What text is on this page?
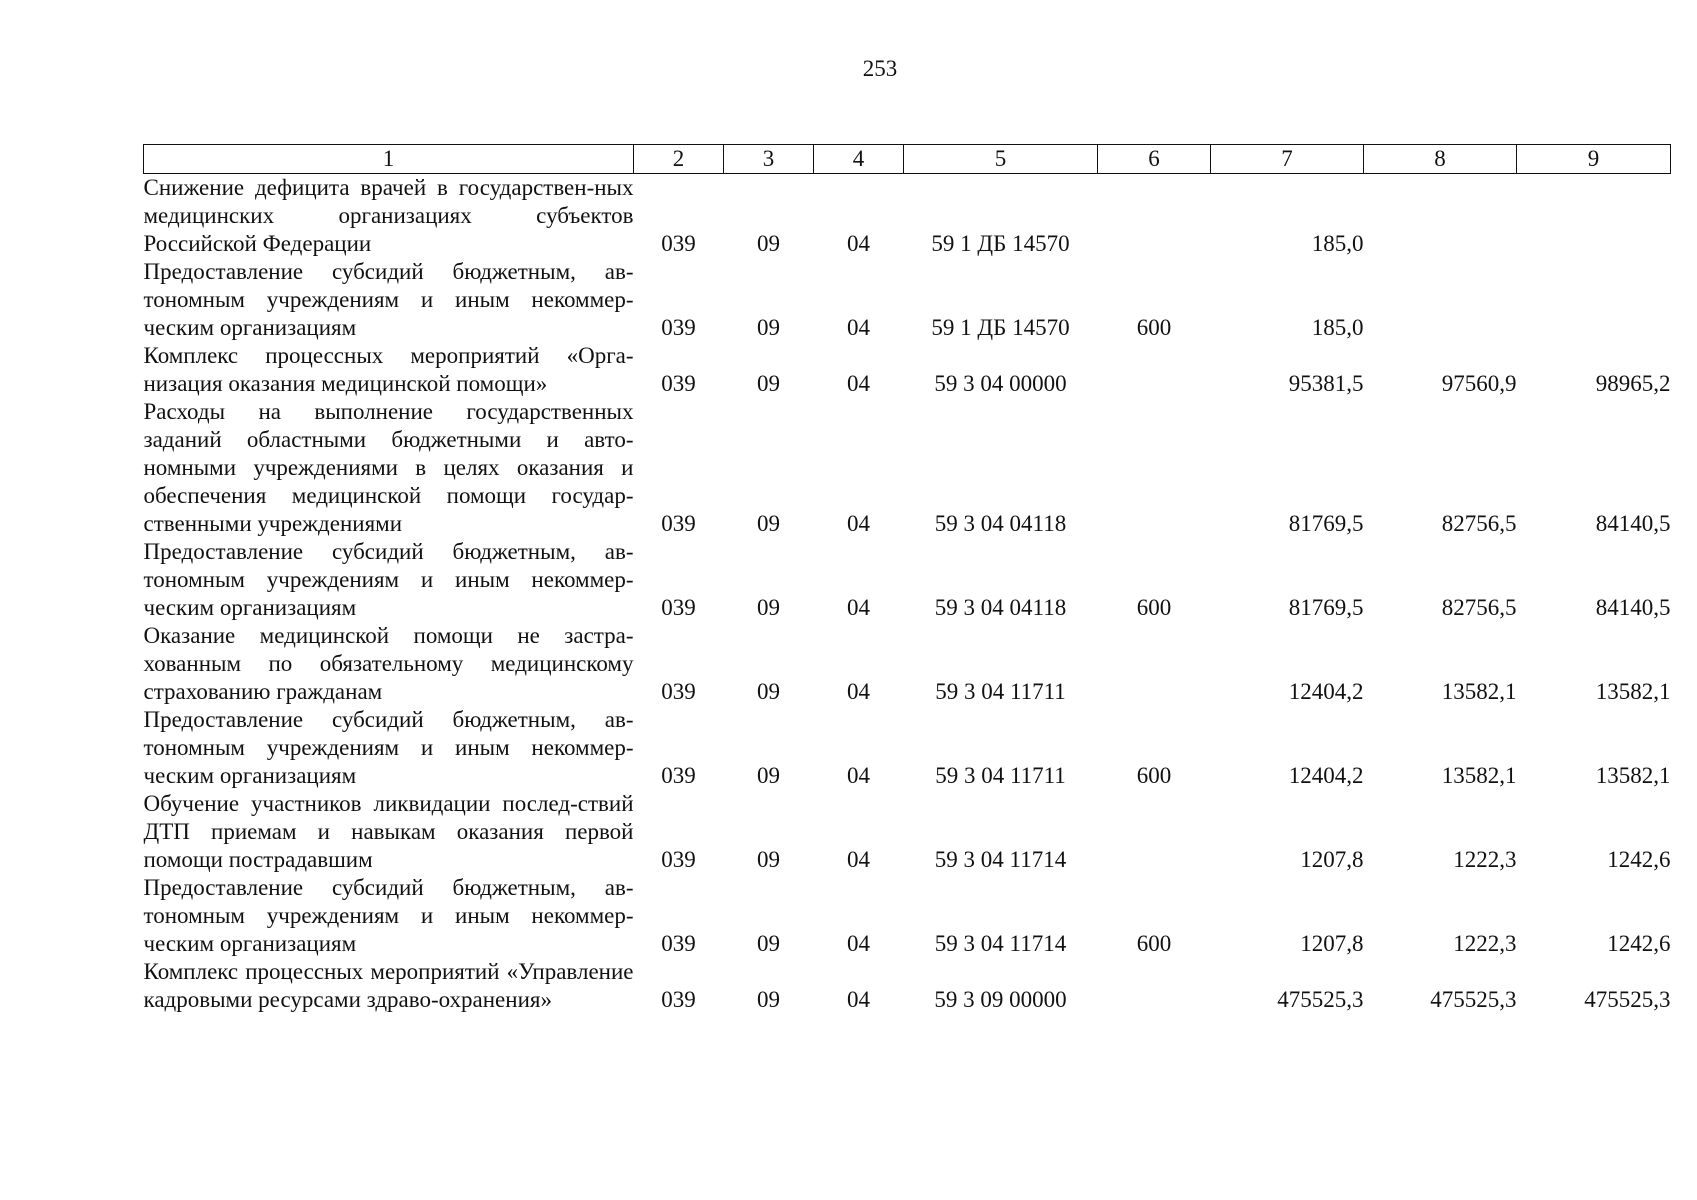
253
1	2	3	4	5	6	7	8	9
Снижение дефицита врачей в государствен-ных медицинских организациях субъектов Российской Федерации	039	09	04	59 1 ДБ 14570		185,0		
Предоставление субсидий бюджетным, ав-тономным учреждениям и иным некоммер-ческим организациям	039	09	04	59 1 ДБ 14570	600	185,0		
Комплекс процессных мероприятий «Орга-низация оказания медицинской помощи»	039	09	04	59 3 04 00000		95381,5	97560,9	98965,2
Расходы на выполнение государственных заданий областными бюджетными и авто-номными учреждениями в целях оказания и обеспечения медицинской помощи государ-ственными учреждениями	039	09	04	59 3 04 04118		81769,5	82756,5	84140,5
Предоставление субсидий бюджетным, ав-тономным учреждениям и иным некоммер-ческим организациям	039	09	04	59 3 04 04118	600	81769,5	82756,5	84140,5
Оказание медицинской помощи не застра-хованным по обязательному медицинскому страхованию гражданам	039	09	04	59 3 04 11711		12404,2	13582,1	13582,1
Предоставление субсидий бюджетным, ав-тономным учреждениям и иным некоммер-ческим организациям	039	09	04	59 3 04 11711	600	12404,2	13582,1	13582,1
Обучение участников ликвидации послед-ствий ДТП приемам и навыкам оказания первой помощи пострадавшим	039	09	04	59 3 04 11714		1207,8	1222,3	1242,6
Предоставление субсидий бюджетным, ав-тономным учреждениям и иным некоммер-ческим организациям	039	09	04	59 3 04 11714	600	1207,8	1222,3	1242,6
Комплекс процессных мероприятий «Управление кадровыми ресурсами здраво-охранения»	039	09	04	59 3 09 00000		475525,3	475525,3	475525,3
